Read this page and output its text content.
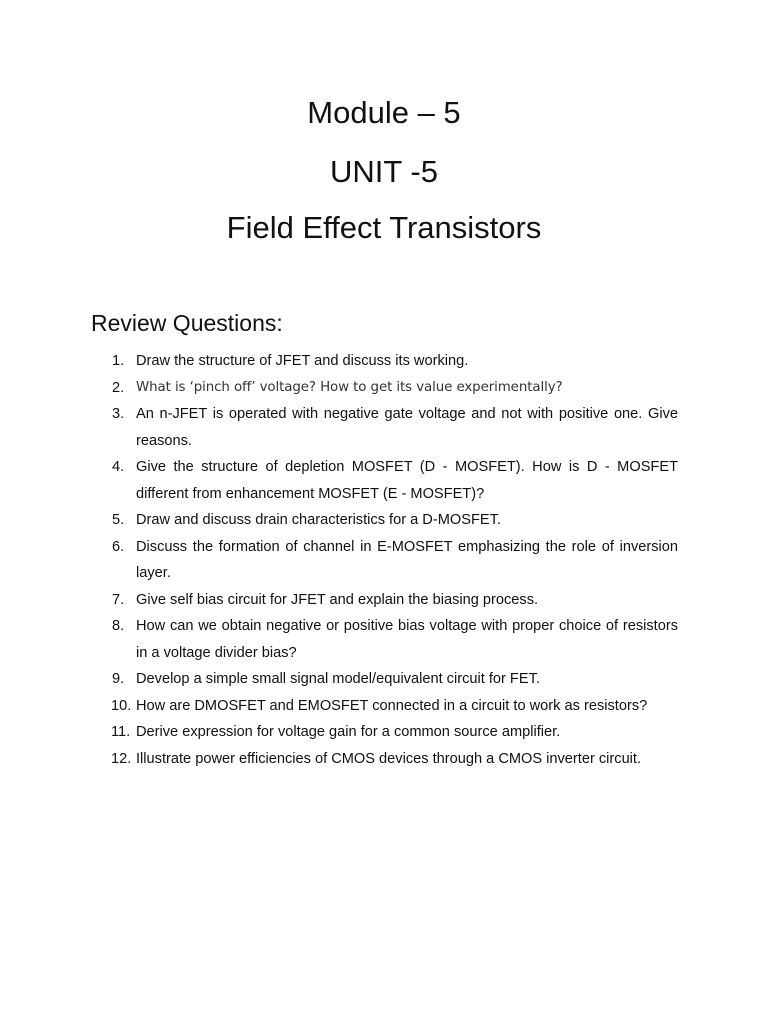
Module – 5
UNIT -5
Field Effect Transistors
Review Questions:
1. Draw the structure of JFET and discuss its working.
2. What is ‘pinch off’ voltage? How to get its value experimentally?
3. An n-JFET is operated with negative gate voltage and not with positive one. Give reasons.
4. Give the structure of depletion MOSFET (D - MOSFET). How is D - MOSFET different from enhancement MOSFET (E - MOSFET)?
5. Draw and discuss drain characteristics for a D-MOSFET.
6. Discuss the formation of channel in E-MOSFET emphasizing the role of inversion layer.
7. Give self bias circuit for JFET and explain the biasing process.
8. How can we obtain negative or positive bias voltage with proper choice of resistors in a voltage divider bias?
9. Develop a simple small signal model/equivalent circuit for FET.
10. How are DMOSFET and EMOSFET connected in a circuit to work as resistors?
11. Derive expression for voltage gain for a common source amplifier.
12. Illustrate power efficiencies of CMOS devices through a CMOS inverter circuit.
